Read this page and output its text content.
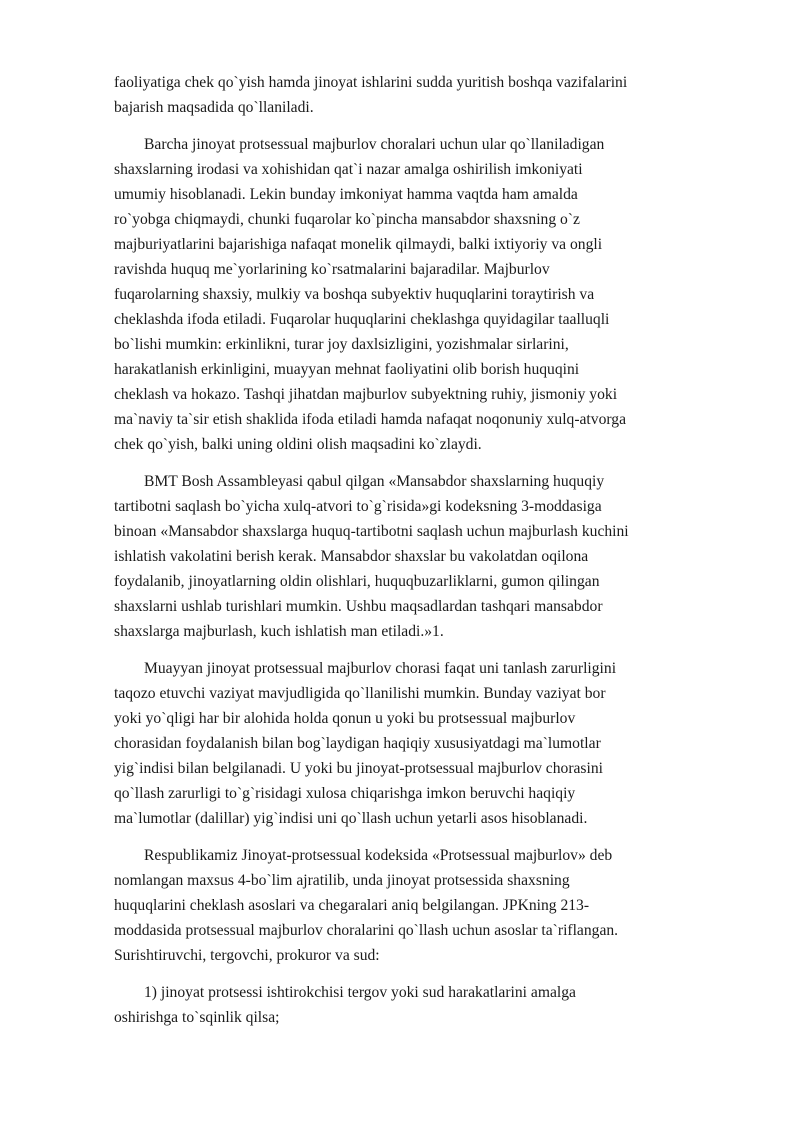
faoliyatiga chek qo`yish hamda jinoyat ishlarini sudda yuritish boshqa vazifalarini
bajarish maqsadida qo`llaniladi.
Barcha jinoyat protsessual majburlov choralari uchun ular qo`llaniladigan
shaxslarning irodasi va xohishidan qat`i nazar amalga oshirilish imkoniyati
umumiy hisoblanadi. Lekin bunday imkoniyat hamma vaqtda ham amalda
ro`yobga chiqmaydi, chunki fuqarolar ko`pincha mansabdor shaxsning o`z
majburiyatlarini bajarishiga nafaqat monelik qilmaydi, balki ixtiyoriy va ongli
ravishda huquq me`yorlarining ko`rsatmalarini bajaradilar. Majburlov
fuqarolarning shaxsiy, mulkiy va boshqa subyektiv huquqlarini toraytirish va
cheklashda ifoda etiladi. Fuqarolar huquqlarini cheklashga quyidagilar taalluqli
bo`lishi mumkin: erkinlikni, turar joy daxlsizligini, yozishmalar sirlarini,
harakatlanish erkinligini, muayyan mehnat faoliyatini olib borish huquqini
cheklash va hokazo. Tashqi jihatdan majburlov subyektning ruhiy, jismoniy yoki
ma`naviy ta`sir etish shaklida ifoda etiladi hamda nafaqat noqonuniy xulq-atvorga
chek qo`yish, balki uning oldini olish maqsadini ko`zlaydi.
BMT Bosh Assambleyasi qabul qilgan «Mansabdor shaxslarning huquqiy
tartibotni saqlash bo`yicha xulq-atvori to`g`risida»gi kodeksning 3-moddasiga
binoan «Mansabdor shaxslarga huquq-tartibotni saqlash uchun majburlash kuchini
ishlatish vakolatini berish kerak. Mansabdor shaxslar bu vakolatdan oqilona
foydalanib, jinoyatlarning oldin olishlari, huquqbuzarliklarni, gumon qilingan
shaxslarni ushlab turishlari mumkin. Ushbu maqsadlardan tashqari mansabdor
shaxslarga majburlash, kuch ishlatish man etiladi.»1.
Muayyan jinoyat protsessual majburlov chorasi faqat uni tanlash zarurligini
taqozo etuvchi vaziyat mavjudligida qo`llanilishi mumkin. Bunday vaziyat bor
yoki yo`qligi har bir alohida holda qonun u yoki bu protsessual majburlov
chorasidan foydalanish bilan bog`laydigan haqiqiy xususiyatdagi ma`lumotlar
yig`indisi bilan belgilanadi. U yoki bu jinoyat-protsessual majburlov chorasini
qo`llash zarurligi to`g`risidagi xulosa chiqarishga imkon beruvchi haqiqiy
ma`lumotlar (dalillar) yig`indisi uni qo`llash uchun yetarli asos hisoblanadi.
Respublikamiz Jinoyat-protsessual kodeksida «Protsessual majburlov» deb
nomlangan maxsus 4-bo`lim ajratilib, unda jinoyat protsessida shaxsning
huquqlarini cheklash asoslari va chegaralari aniq belgilangan. JPKning 213-
moddasida protsessual majburlov choralarini qo`llash uchun asoslar ta`riflangan.
Surishtiruvchi, tergovchi, prokuror va sud:
1) jinoyat protsessi ishtirokchisi tergov yoki sud harakatlarini amalga
oshirishga to`sqinlik qilsa;
